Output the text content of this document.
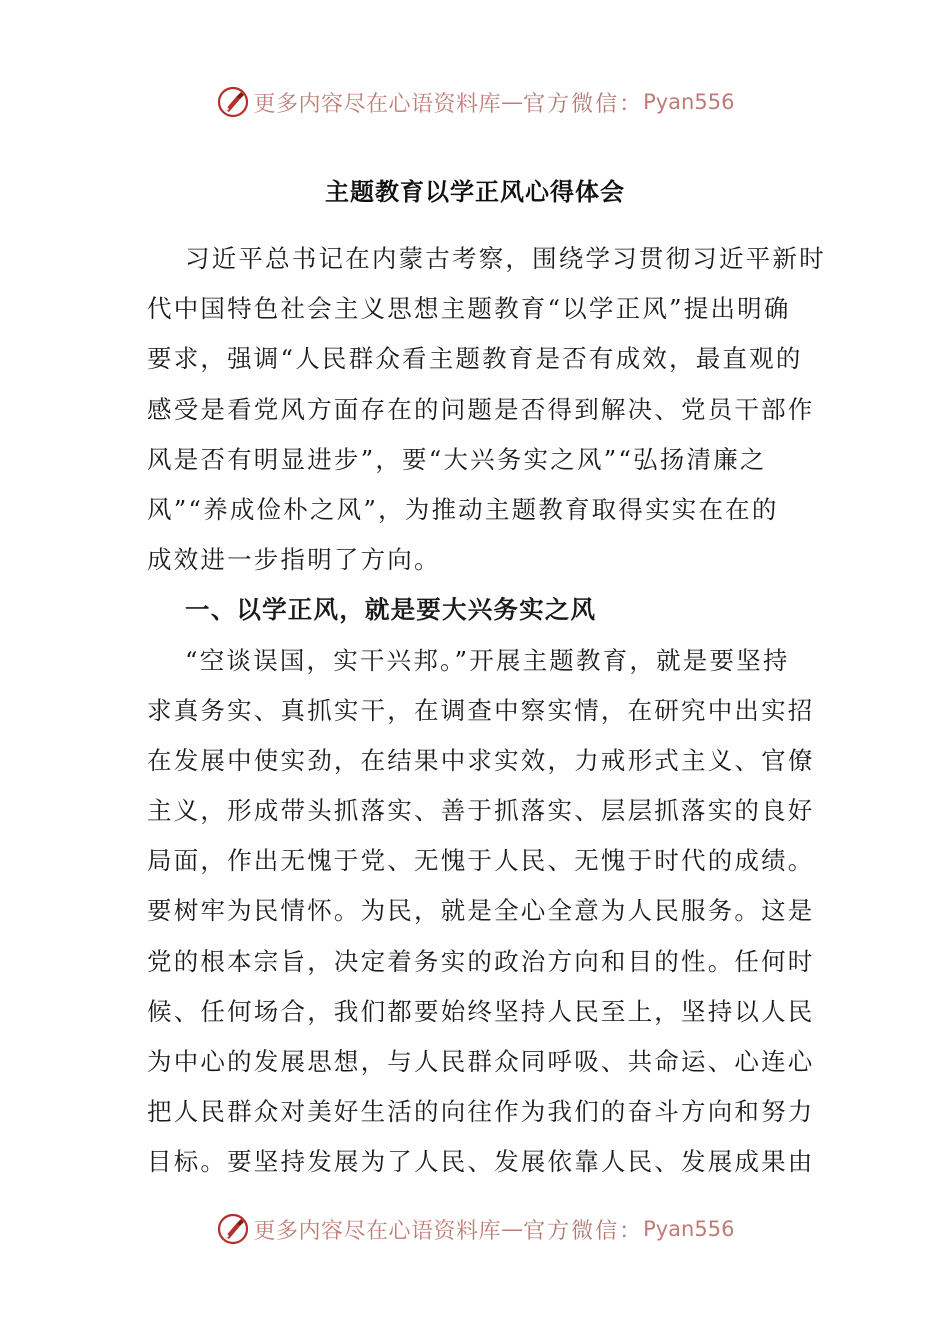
更多内容尽在心语资料库 — 官方微信： Pyan556
主题教育以学正风心得体会
习近平总书记在内蒙古考察，围绕学习贯彻习近平新时
代中国特色社会主义思想主题教育“以学正风”提出明确
要求，强调“人民群众看主题教育是否有成效，最直观的
感受是看党风方面存在的问题是否得到解决、党员干部作
风是否有明显进步”，要“大兴务实之风”“弘扬清廉之
风”“养成俭朴之风”，为推动主题教育取得实实在在的
成效进一步指明了方向。
一、以学正风，就是要大兴务实之风
“空谈误国，实干兴邦。”开展主题教育，就是要坚持
求真务实、真抓实干，在调查中察实情，在研究中出实招
在发展中使实劲，在结果中求实效，力戒形式主义、官僚
主义，形成带头抓落实、善于抓落实、层层抓落实的良好
局面，作出无愧于党、无愧于人民、无愧于时代的成绩。
要树牢为民情怀。为民，就是全心全意为人民服务。这是
党的根本宗旨，决定着务实的政治方向和目的性。任何时
候、任何场合，我们都要始终坚持人民至上，坚持以人民
为中心的发展思想，与人民群众同呼吸、共命运、心连心
把人民群众对美好生活的向往作为我们的奋斗方向和努力
目标。要坚持发展为了人民、发展依靠人民、发展成果由
更多内容尽在心语资料库 — 官方微信： Pyan556
